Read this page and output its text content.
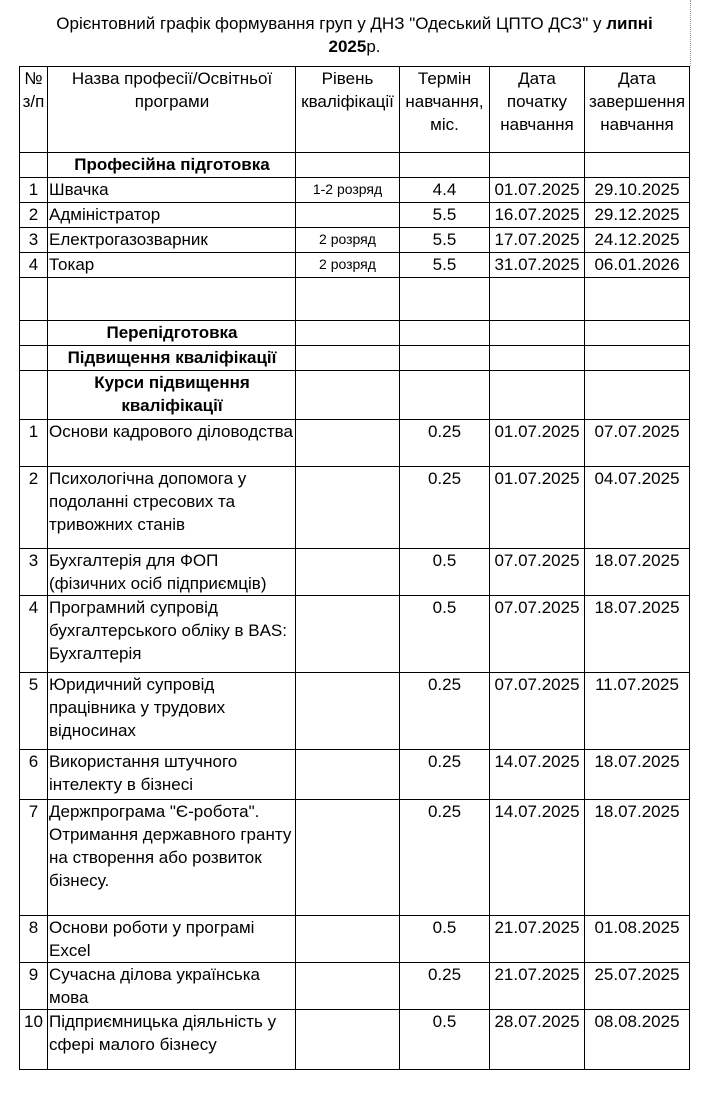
Орієнтовний графік формування груп у ДНЗ "Одеський ЦПТО ДСЗ" у липні
2025р.
№ з/п	Назва професії/Освітньої програми	Рівень кваліфікації	Термін навчання, міс.	Дата початку навчання	Дата завершення навчання
	Професійна підготовка				
1	Швачка	1-2 розряд	4.4	01.07.2025	29.10.2025
2	Адміністратор		5.5	16.07.2025	29.12.2025
3	Електрогазозварник	2 розряд	5.5	17.07.2025	24.12.2025
4	Токар	2 розряд	5.5	31.07.2025	06.01.2026

	Перепідготовка				
	Підвищення кваліфікації				
	Курси підвищення кваліфікації				
1	Основи кадрового діловодства		0.25	01.07.2025	07.07.2025
2	Психологічна допомога у подоланні стресових та тривожних станів		0.25	01.07.2025	04.07.2025
3	Бухгалтерія для ФОП (фізичних осіб підприємців)		0.5	07.07.2025	18.07.2025
4	Програмний супровід бухгалтерського обліку в BAS: Бухгалтерія		0.5	07.07.2025	18.07.2025
5	Юридичний супровід працівника у трудових відносинах		0.25	07.07.2025	11.07.2025
6	Використання штучного інтелекту в бізнесі		0.25	14.07.2025	18.07.2025
7	Держпрограма "Є-робота". Отримання державного гранту на створення або розвиток бізнесу.		0.25	14.07.2025	18.07.2025
8	Основи роботи у програмі Excel		0.5	21.07.2025	01.08.2025
9	Сучасна ділова українська мова		0.25	21.07.2025	25.07.2025
10	Підприємницька діяльність у сфері малого бізнесу		0.5	28.07.2025	08.08.2025
